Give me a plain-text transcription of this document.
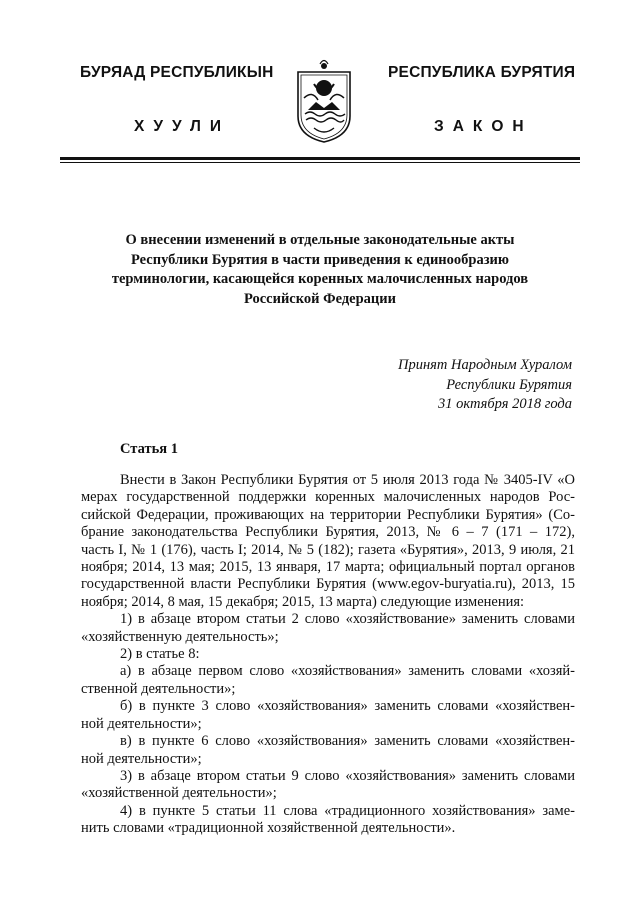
БУРЯАД РЕСПУБЛИКЫН
ХУУЛИ
РЕСПУБЛИКА БУРЯТИЯ
ЗАКОН
О внесении изменений в отдельные законодательные акты
Республики Бурятия в части приведения к единообразию
терминологии, касающейся коренных малочисленных народов
Российской Федерации
Принят Народным Хуралом
Республики Бурятия
31 октября 2018 года
Статья 1
Внести в Закон Республики Бурятия от 5 июля 2013 года № 3405-IV «О
мерах государственной поддержки коренных малочисленных народов Рос-
сийской Федерации, проживающих на территории Республики Бурятия» (Со-
брание законодательства Республики Бурятия, 2013, № 6 – 7 (171 – 172),
часть I, № 1 (176), часть I; 2014, № 5 (182); газета «Бурятия», 2013, 9 июля, 21
ноября; 2014, 13 мая; 2015, 13 января, 17 марта; официальный портал органов
государственной власти Республики Бурятия (www.egov-buryatia.ru), 2013, 15
ноября; 2014, 8 мая, 15 декабря; 2015, 13 марта) следующие изменения:
1) в абзаце втором статьи 2 слово «хозяйствование» заменить словами
«хозяйственную деятельность»;
2) в статье 8:
а) в абзаце первом слово «хозяйствования» заменить словами «хозяй-
ственной деятельности»;
б) в пункте 3 слово «хозяйствования» заменить словами «хозяйствен-
ной деятельности»;
в) в пункте 6 слово «хозяйствования» заменить словами «хозяйствен-
ной деятельности»;
3) в абзаце втором статьи 9 слово «хозяйствования» заменить словами
«хозяйственной деятельности»;
4) в пункте 5 статьи 11 слова «традиционного хозяйствования» заме-
нить словами «традиционной хозяйственной деятельности».
